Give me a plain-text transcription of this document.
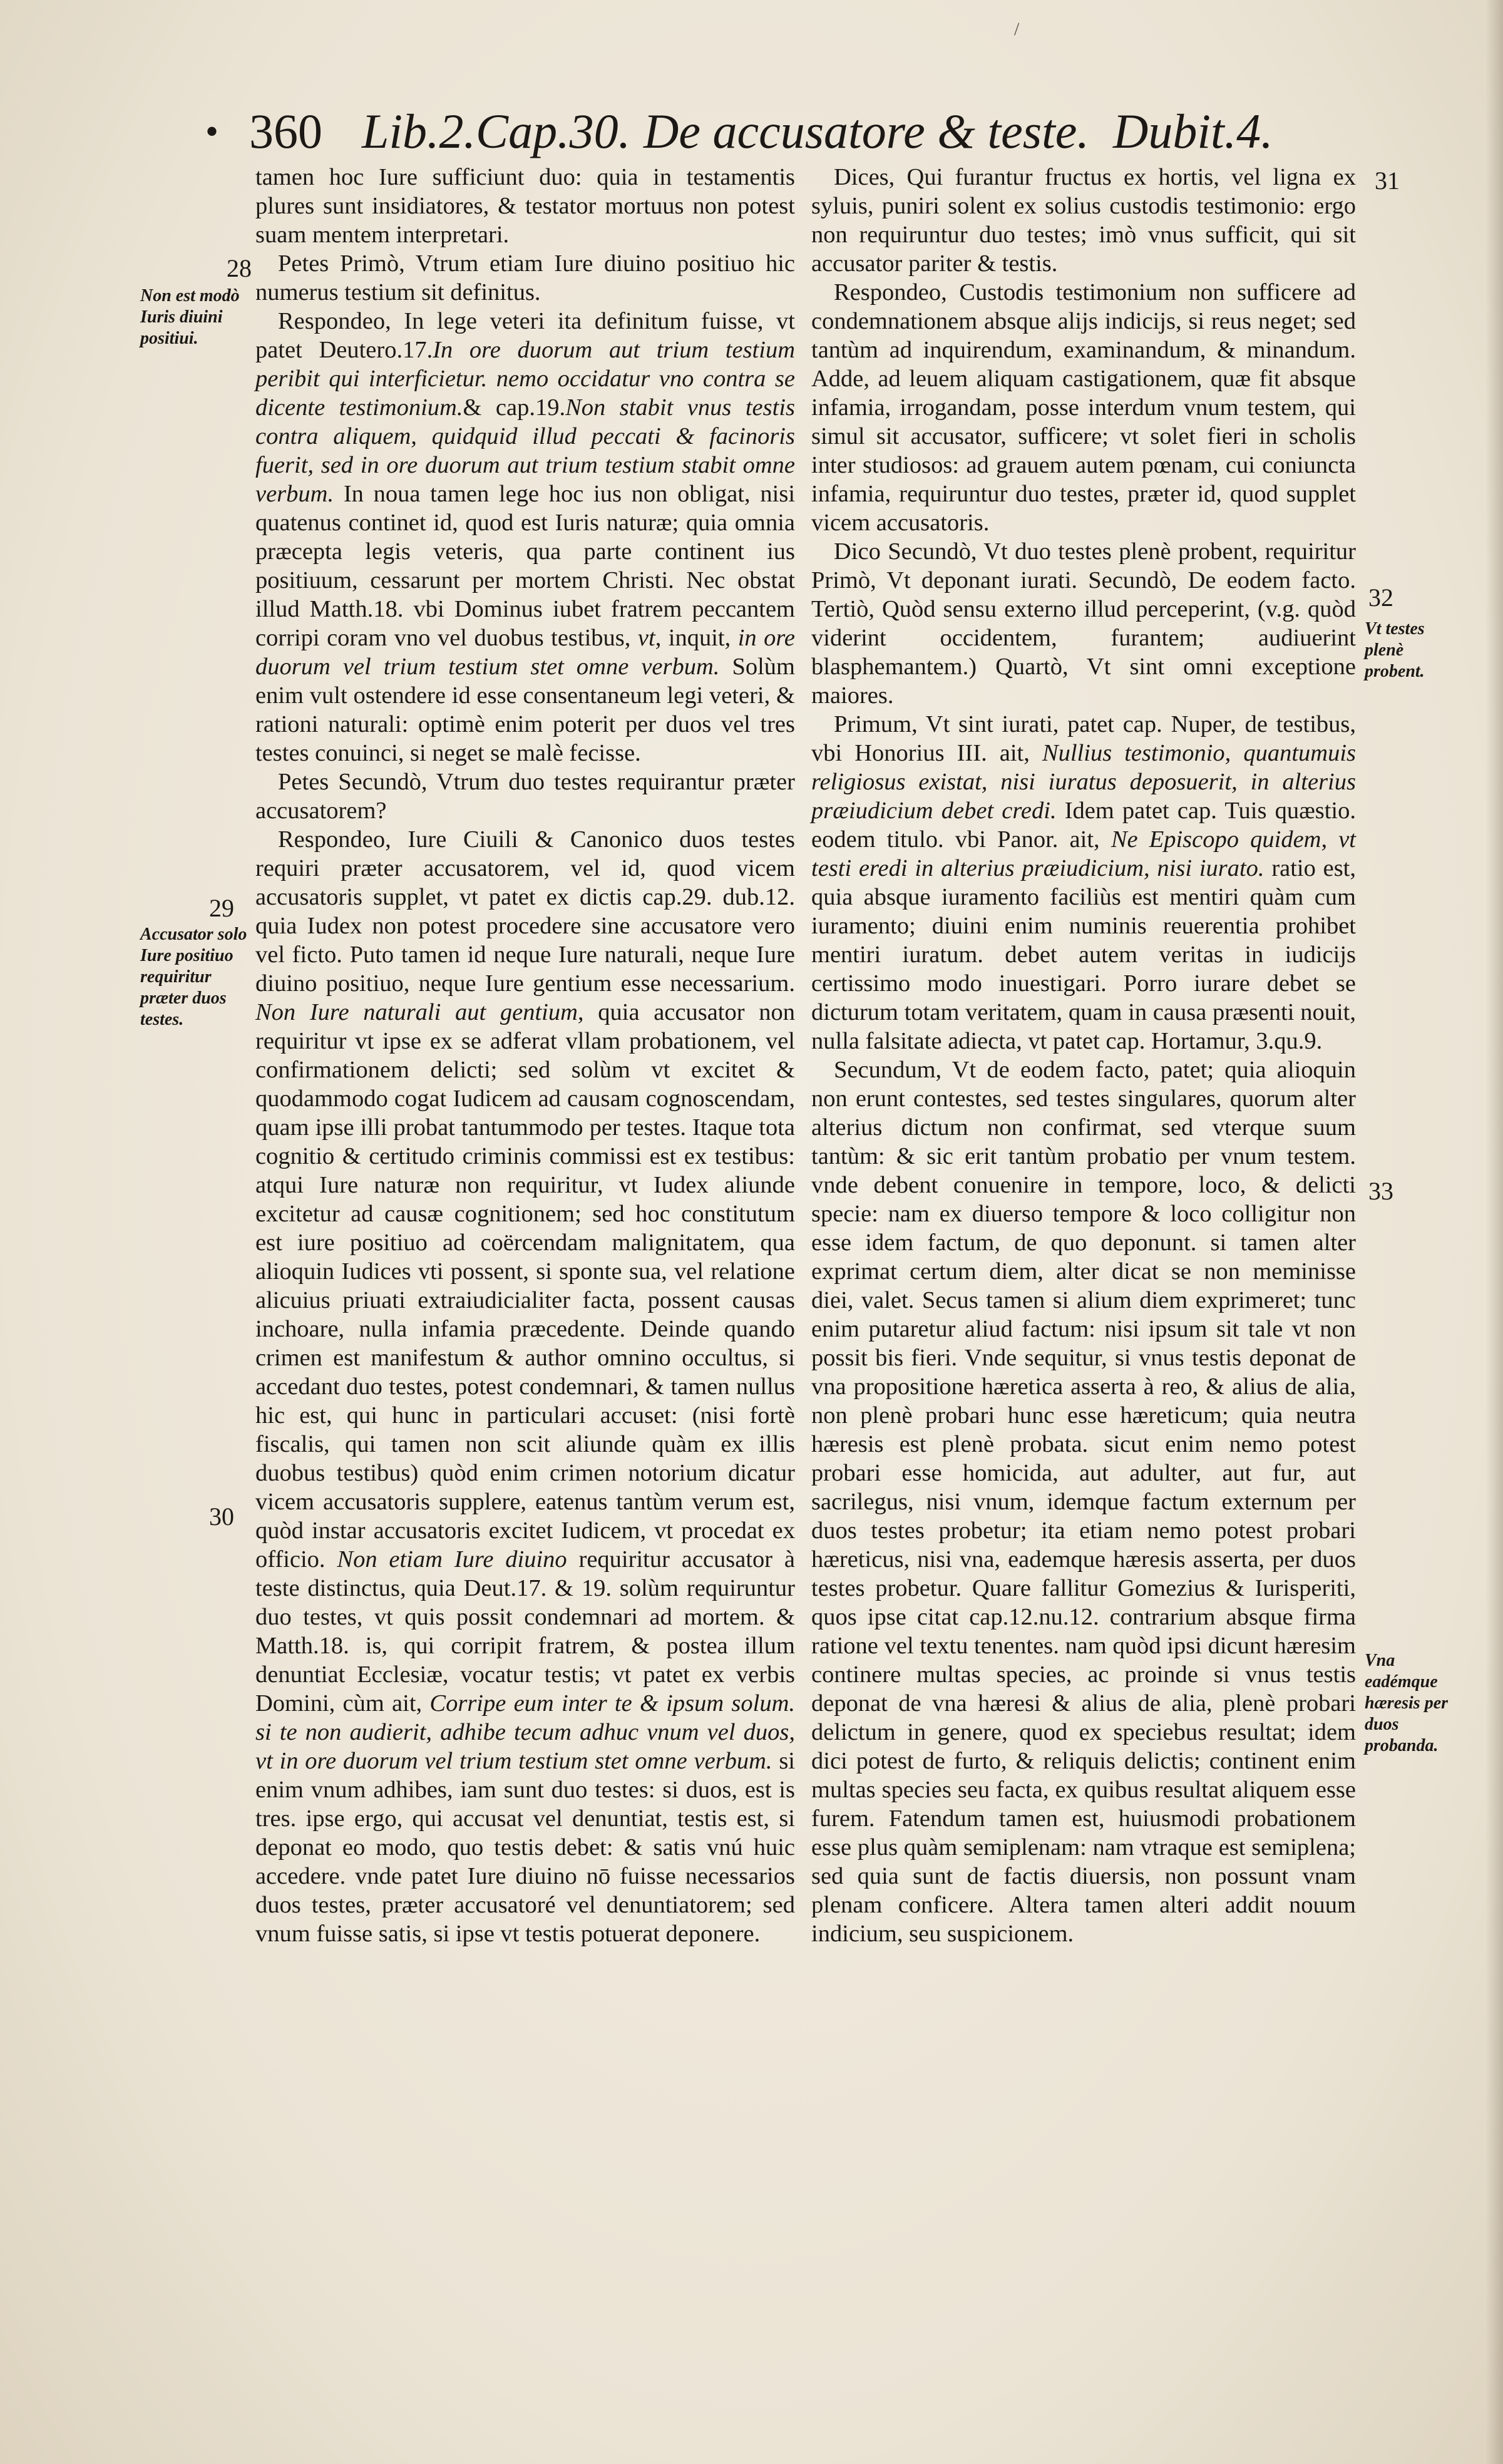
• 360 Lib.2.Cap.30. De accusatore & teste. Dubit.4.
28
Non est modò Iuris diuini positiui.
29
Accusator solo Iure positiuo requiritur præter duos testes.
30
31
32
Vt testes plenè probent.
33
Vna eadémque hæresis per duos probanda.

tamen hoc Iure sufficiunt duo: quia in testamentis plures sunt insidiatores, & testator mortuus non potest suam mentem interpretari.

Petes Primò, Vtrum etiam Iure diuino positiuo hic numerus testium sit definitus.

Respondeo, In lege veteri ita definitum fuisse, vt patet Deutero.17.In ore duorum aut trium testium peribit qui interficietur. nemo occidatur vno contra se dicente testimonium.& cap.19.Non stabit vnus testis contra aliquem, quidquid illud peccati & facinoris fuerit, sed in ore duorum aut trium testium stabit omne verbum. In noua tamen lege hoc ius non obligat, nisi quatenus continet id, quod est Iuris naturæ; quia omnia præcepta legis veteris, qua parte continent ius positiuum, cessarunt per mortem Christi. Nec obstat illud Matth.18. vbi Dominus iubet fratrem peccantem corripi coram vno vel duobus testibus, vt, inquit, in ore duorum vel trium testium stet omne verbum. Solùm enim vult ostendere id esse consentaneum legi veteri, & rationi naturali: optimè enim poterit per duos vel tres testes conuinci, si neget se malè fecisse.

Petes Secundò, Vtrum duo testes requirantur præter accusatorem?

Respondeo, Iure Ciuili & Canonico duos testes requiri præter accusatorem, vel id, quod vicem accusatoris supplet, vt patet ex dictis cap.29. dub.12. quia Iudex non potest procedere sine accusatore vero vel ficto. Puto tamen id neque Iure naturali, neque Iure diuino positiuo, neque Iure gentium esse necessarium. Non Iure naturali aut gentium, quia accusator non requiritur vt ipse ex se adferat vllam probationem, vel confirmationem delicti; sed solùm vt excitet & quodammodo cogat Iudicem ad causam cognoscendam, quam ipse illi probat tantummodo per testes. Itaque tota cognitio & certitudo criminis commissi est ex testibus: atqui Iure naturæ non requiritur, vt Iudex aliunde excitetur ad causæ cognitionem; sed hoc constitutum est iure positiuo ad coërcendam malignitatem, qua alioquin Iudices vti possent, si sponte sua, vel relatione alicuius priuati extraiudicialiter facta, possent causas inchoare, nulla infamia præcedente. Deinde quando crimen est manifestum & author omnino occultus, si accedant duo testes, potest condemnari, & tamen nullus hic est, qui hunc in particulari accuset: (nisi fortè fiscalis, qui tamen non scit aliunde quàm ex illis duobus testibus) quòd enim crimen notorium dicatur vicem accusatoris supplere, eatenus tantùm verum est, quòd instar accusatoris excitet Iudicem, vt procedat ex officio. Non etiam Iure diuino requiritur accusator à teste distinctus, quia Deut.17. & 19. solùm requiruntur duo testes, vt quis possit condemnari ad mortem. & Matth.18. is, qui corripit fratrem, & postea illum denuntiat Ecclesiæ, vocatur testis; vt patet ex verbis Domini, cùm ait, Corripe eum inter te & ipsum solum. si te non audierit, adhibe tecum adhuc vnum vel duos, vt in ore duorum vel trium testium stet omne verbum. si enim vnum adhibes, iam sunt duo testes: si duos, est is tres. ipse ergo, qui accusat vel denuntiat, testis est, si deponat eo modo, quo testis debet: & satis vnú huic accedere. vnde patet Iure diuino nō fuisse necessarios duos testes, præter accusatoré vel denuntiatorem; sed vnum fuisse satis, si ipse vt testis potuerat deponere.

Dices, Qui furantur fructus ex hortis, vel ligna ex syluis, puniri solent ex solius custodis testimonio: ergo non requiruntur duo testes; imò vnus sufficit, qui sit accusator pariter & testis.

Respondeo, Custodis testimonium non sufficere ad condemnationem absque alijs indicijs, si reus neget; sed tantùm ad inquirendum, examinandum, & minandum. Adde, ad leuem aliquam castigationem, quæ fit absque infamia, irrogandam, posse interdum vnum testem, qui simul sit accusator, sufficere; vt solet fieri in scholis inter studiosos: ad grauem autem pœnam, cui coniuncta infamia, requiruntur duo testes, præter id, quod supplet vicem accusatoris.

Dico Secundò, Vt duo testes plenè probent, requiritur Primò, Vt deponant iurati. Secundò, De eodem facto. Tertiò, Quòd sensu externo illud perceperint, (v.g. quòd viderint occidentem, furantem; audiuerint blasphemantem.) Quartò, Vt sint omni exceptione maiores.

Primum, Vt sint iurati, patet cap. Nuper, de testibus, vbi Honorius III. ait, Nullius testimonio, quantumuis religiosus existat, nisi iuratus deposuerit, in alterius præiudicium debet credi. Idem patet cap. Tuis quæstio. eodem titulo. vbi Panor. ait, Ne Episcopo quidem, vt testi eredi in alterius præiudicium, nisi iurato. ratio est, quia absque iuramento faciliùs est mentiri quàm cum iuramento; diuini enim numinis reuerentia prohibet mentiri iuratum. debet autem veritas in iudicijs certissimo modo inuestigari. Porro iurare debet se dicturum totam veritatem, quam in causa præsenti nouit, nulla falsitate adiecta, vt patet cap. Hortamur, 3.qu.9.

Secundum, Vt de eodem facto, patet; quia alioquin non erunt contestes, sed testes singulares, quorum alter alterius dictum non confirmat, sed vterque suum tantùm: & sic erit tantùm probatio per vnum testem. vnde debent conuenire in tempore, loco, & delicti specie: nam ex diuerso tempore & loco colligitur non esse idem factum, de quo deponunt. si tamen alter exprimat certum diem, alter dicat se non meminisse diei, valet. Secus tamen si alium diem exprimeret; tunc enim putaretur aliud factum: nisi ipsum sit tale vt non possit bis fieri. Vnde sequitur, si vnus testis deponat de vna propositione hæretica asserta à reo, & alius de alia, non plenè probari hunc esse hæreticum; quia neutra hæresis est plenè probata. sicut enim nemo potest probari esse homicida, aut adulter, aut fur, aut sacrilegus, nisi vnum, idemque factum externum per duos testes probetur; ita etiam nemo potest probari hæreticus, nisi vna, eademque hæresis asserta, per duos testes probetur. Quare fallitur Gomezius & Iurisperiti, quos ipse citat cap.12.nu.12. contrarium absque firma ratione vel textu tenentes. nam quòd ipsi dicunt hæresim continere multas species, ac proinde si vnus testis deponat de vna hæresi & alius de alia, plenè probari delictum in genere, quod ex speciebus resultat; idem dici potest de furto, & reliquis delictis; continent enim multas species seu facta, ex quibus resultat aliquem esse furem. Fatendum tamen est, huiusmodi probationem esse plus quàm semiplenam: nam vtraque est semiplena; sed quia sunt de factis diuersis, non possunt vnam plenam conficere. Altera tamen alteri addit nouum indicium, seu suspicionem.

/
